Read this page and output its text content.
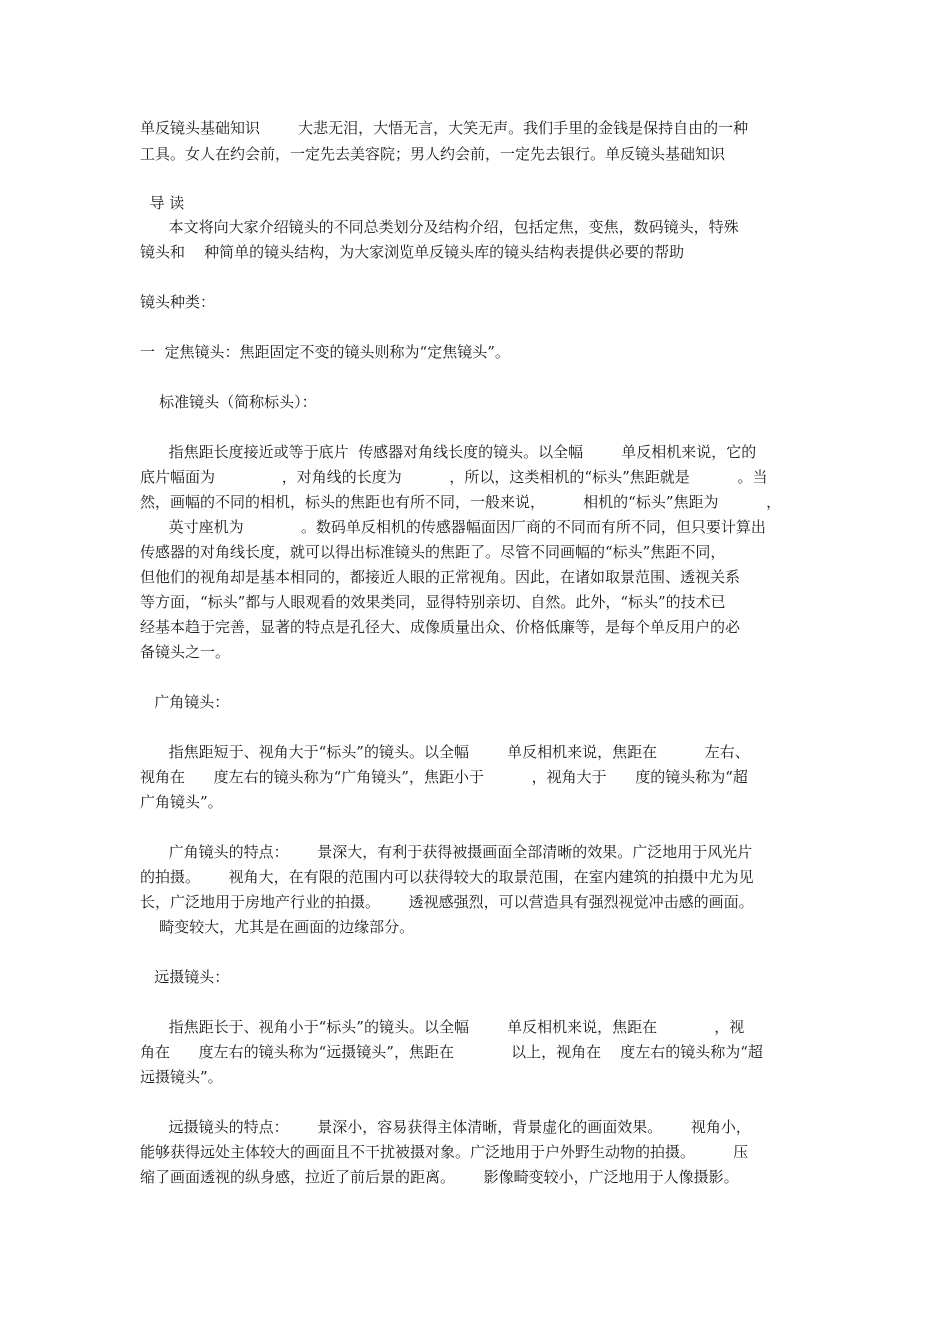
单反镜头基础知识        大悲无泪，大悟无言，大笑无声。我们手里的金钱是保持自由的一种
工具。女人在约会前，一定先去美容院；男人约会前，一定先去银行。单反镜头基础知识
导 读
本文将向大家介绍镜头的不同总类划分及结构介绍，包括定焦，变焦，数码镜头，特殊
镜头和    种简单的镜头结构，为大家浏览单反镜头库的镜头结构表提供必要的帮助
镜头种类：
一  定焦镜头：焦距固定不变的镜头则称为“定焦镜头”。
标准镜头（简称标头）：
指焦距长度接近或等于底片  传感器对角线长度的镜头。以全幅        单反相机来说，它的
底片幅面为              ，对角线的长度为          ，所以，这类相机的“标头”焦距就是          。当
然，画幅的不同的相机，标头的焦距也有所不同，一般来说，        相机的“标头”焦距为          ，
英寸座机为            。数码单反相机的传感器幅面因厂商的不同而有所不同，但只要计算出
传感器的对角线长度，就可以得出标准镜头的焦距了。尽管不同画幅的“标头”焦距不同，
但他们的视角却是基本相同的，都接近人眼的正常视角。因此，在诸如取景范围、透视关系
等方面，“标头”都与人眼观看的效果类同，显得特别亲切、自然。此外，“标头”的技术已
经基本趋于完善，显著的特点是孔径大、成像质量出众、价格低廉等，是每个单反用户的必
备镜头之一。
广角镜头：
指焦距短于、视角大于“标头”的镜头。以全幅        单反相机来说，焦距在          左右、
视角在      度左右的镜头称为“广角镜头”，焦距小于          ，视角大于      度的镜头称为“超
广角镜头”。
广角镜头的特点：      景深大，有利于获得被摄画面全部清晰的效果。广泛地用于风光片
的拍摄。      视角大，在有限的范围内可以获得较大的取景范围，在室内建筑的拍摄中尤为见
长，广泛地用于房地产行业的拍摄。      透视感强烈，可以营造具有强烈视觉冲击感的画面。
畸变较大，尤其是在画面的边缘部分。
远摄镜头：
指焦距长于、视角小于“标头”的镜头。以全幅        单反相机来说，焦距在            ，视
角在      度左右的镜头称为“远摄镜头”，焦距在            以上，视角在    度左右的镜头称为“超
远摄镜头”。
远摄镜头的特点：      景深小，容易获得主体清晰，背景虚化的画面效果。      视角小，
能够获得远处主体较大的画面且不干扰被摄对象。广泛地用于户外野生动物的拍摄。        压
缩了画面透视的纵身感，拉近了前后景的距离。      影像畸变较小，广泛地用于人像摄影。
